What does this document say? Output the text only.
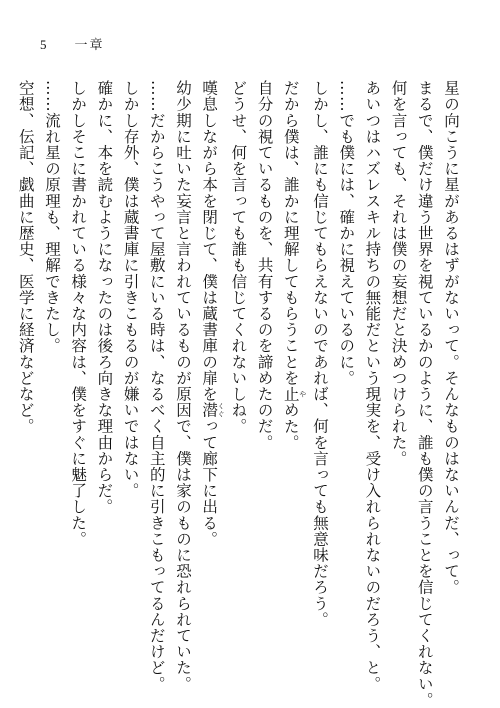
5 一章
星の向こうに星があるはずがないって。そんなものはないんだ、って。
まるで、僕だけ違う世界を視ているかのように、誰も僕の言うことを信じてくれない。
何を言っても、それは僕の妄想だと決めつけられた。
あいつはハズレスキル持ちの無能だという現実を、受け入れられないのだろう、と。
……でも僕には、確かに視えているのに。
しかし、誰にも信じてもらえないのであれば、何を言っても無意味だろう。
だから僕は、誰かに理解してもらうことを止 やめた。
自分の視ているものを、共有するのを諦めたのだ。
どうせ、何を言っても誰も信じてくれないしね。
嘆息しながら本を閉じて、僕は蔵書庫の扉を潜 くぐって廊下に出る。
幼少期に吐いた妄言と言われているものが原因で、僕は家のものに恐れられていた。
……だからこうやって屋敷にいる時は、なるべく自主的に引きこもってるんだけど。
しかし存外、僕は蔵書庫に引きこもるのが嫌いではない。
確かに、本を読むようになったのは後ろ向きな理由からだ。
しかしそこに書かれている様々な内容は、僕をすぐに魅了した。
……流れ星の原理も、理解できたし。
空想、伝記、戯曲に歴史、医学に経済などなど。
